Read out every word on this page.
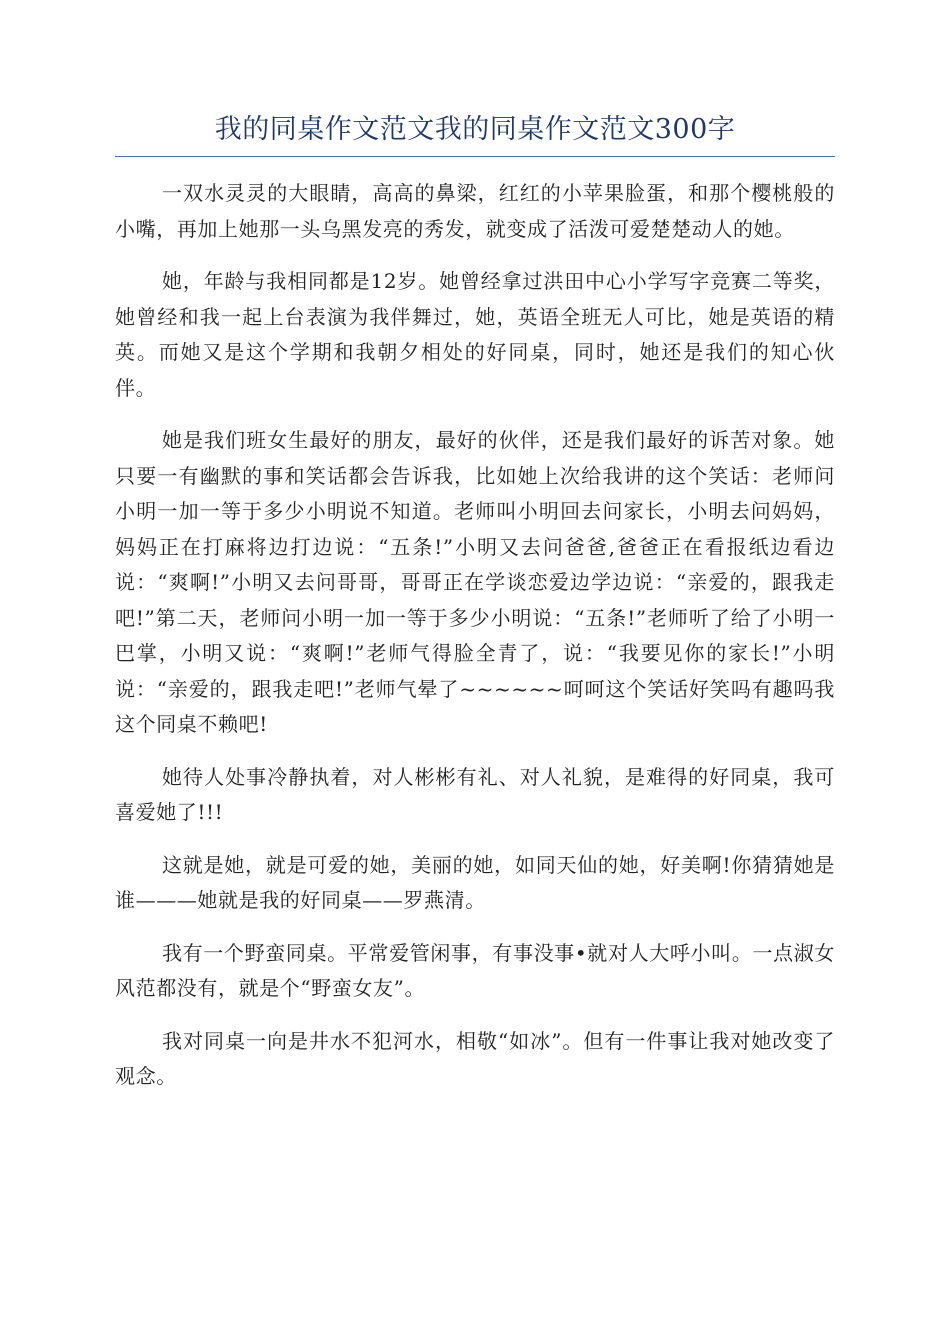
我的同桌作文范文我的同桌作文范文300字

一双水灵灵的大眼睛，高高的鼻梁，红红的小苹果脸蛋，和那个樱桃般的小嘴，再加上她那一头乌黑发亮的秀发，就变成了活泼可爱楚楚动人的她。

她，年龄与我相同都是12岁。她曾经拿过洪田中心小学写字竞赛二等奖，她曾经和我一起上台表演为我伴舞过，她，英语全班无人可比，她是英语的精英。而她又是这个学期和我朝夕相处的好同桌，同时，她还是我们的知心伙伴。

她是我们班女生最好的朋友，最好的伙伴，还是我们最好的诉苦对象。她只要一有幽默的事和笑话都会告诉我，比如她上次给我讲的这个笑话：老师问小明一加一等于多少小明说不知道。老师叫小明回去问家长，小明去问妈妈，妈妈正在打麻将边打边说：“五条!”小明又去问爸爸,爸爸正在看报纸边看边说：“爽啊!”小明又去问哥哥，哥哥正在学谈恋爱边学边说：“亲爱的，跟我走吧!”第二天，老师问小明一加一等于多少小明说：“五条!”老师听了给了小明一巴掌，小明又说：“爽啊!”老师气得脸全青了，说：“我要见你的家长!”小明说：“亲爱的，跟我走吧!”老师气晕了~~~~~~呵呵这个笑话好笑吗有趣吗我这个同桌不赖吧!

她待人处事冷静执着，对人彬彬有礼、对人礼貌，是难得的好同桌，我可喜爱她了!!!

这就是她，就是可爱的她，美丽的她，如同天仙的她，好美啊!你猜猜她是谁———她就是我的好同桌——罗燕清。

我有一个野蛮同桌。平常爱管闲事，有事没事•就对人大呼小叫。一点淑女风范都没有，就是个“野蛮女友”。

我对同桌一向是井水不犯河水，相敬“如冰”。但有一件事让我对她改变了观念。
